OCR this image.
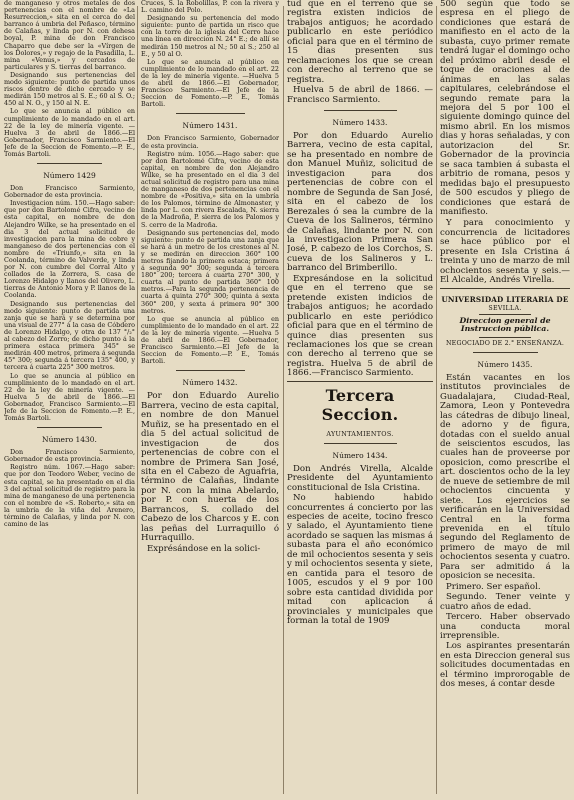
de manganeso y otros metales de dos pertenencias con el nombre de «La Resurreccion,» sita en el cerca do del barranco á umbria del Peñasco, término de Calañas, y linda por N. con dehesa boyal, P. mina de don Francisco Chaparro que debe ser la «Vírgen de los Dolores,» y regajo de la Pasadilla, L. mina «Venus,» y cercados de particulares y S. tierras del barranco.

Designando sus pertenencias del modo siguiente: punto de partida unos riscos dentro de dicho cercado y se medirán 150 metros al S. E.; 60 al S. O.; 450 al N. O., y 150 al N. E.

Lo que se anuncia al público en cumplimiento de lo mandado en el art. 22 de la ley de minería vigente. —Huelva 3 de abril de 1866.—El Gobernador, Francisco Sarmiento.—El Jefe de la Seccion de Fomento.—P. E., Tomás Bartoli.

Número 1429

Don Francisco Sarmiento, Gobernador de esta provincia.

Investigacion núm. 150.—Hago saber: que por don Bartolomé Cifra, vecino de esta capital, en nombre de don Alejandro Wilke, se ha presentado en el dia 3 del actual solicitud de investigacion para la mina de cobre y manganeso de dos pertenencias con el nombre de «Triunfo,» sita en la Coolanda, término de Valverde, y linda por N. con cumbre del Corral Alto y collados de la Zorrera, S. casa de Lorenzo Hidalgo y llanos del Olivero, L. tierras de Antonio Mora y P. llanos de la Coolanda.

Designando sus pertenencias del modo siguiente: punto de partida una zanja que se hará y se determina por una visual de 277° á la casa de Cóbdero de Lorenzo Hidalgo, y otra de 137 °/₂° al cabezo del Zorro; de dicho punto á la primera estaca primera 345° se medirán 400 metros, primera á segunda 45° 300; segunda á tercera 135° 400, y tercera á cuarta 225° 300 metros.

Lo que se anuncia al público en cumplimiento de lo mandado en el art. 22 de la ley de minería vigente. —Huelva 5 de abril de 1866.—El Gobernador, Francisco Sarmiento.—El Jefe de la Seccion de Fomento.—P. E., Tomás Bartoli.

Número 1430.

Don Francisco Sarmiento, Gobernador de esta provincia.

Registro núm. 1067.—Hago saber: que por don Teodoro Weber, vecino de esta capital, se ha presentado en el dia 3 del actual solicitud de registro para la mina de manganeso de una pertenencia con el nombre de «S. Roberto,» sita en la umbría de la viña del Arenero, término de Calañas, y linda por N. con camino de las

Cruces, S. la Robolillas, P. con la rivera y L. camino del Polo.

Designando su pertenencia del modo siguiente: punto de partida un risco que con la torre de la iglesia del Cerro hace una línea en direccion N. 24° E.; de allí se medirán 150 metros al N.; 50 al S.; 250 al E., y 50 al O.

Lo que se anuncia al público en cumplimiento de lo mandado en el art. 22 de la ley de minería vigente. —Huelva 5 de abril de 1866.—El Gobernador, Francisco Sarmiento.—El Jefe de la Seccion de Fomento.—P. E., Tomás Bartoli.

Número 1431.

Don Francisco Sarmiento, Gobernador de esta provincia.

Registro núm. 1056.—Hago saber: que por don Bartolomé Cifra, vecino de esta capital, en nombre de don Alejandro Wilke, se ha presentado en el dia 3 del actual solicitud de registro para una mina de manganeso de dos pertenencias con el nombre de «Positiva,» sita en la umbría de los Palomos, término de Almonaster, y linda por L. con rivera Escalada, N. sierra de la Madroña, P. sierra de los Palomos y S. cerro de la Madroña.

Designando sus pertenencias del, modo siguiente: punto de partida una zanja que se hará á un metro de los crestones al N. y se medirán en direccion 360° 100 metros fijando la primera estaca; primera á segunda 90° 300; segunda á tercera 180° 200; tercera á cuarta 270° 300, y cuarta al punto de partida 360° 100 metros.—Para la segunda pertenencia de cuarta á quinta 270° 300; quinta á sexta 360° 200, y sexta á primera 90° 300 metros.

Lo que se anuncia al público en cumplimiento de lo mandado en el art. 22 de la ley de minería vigente. —Huelva 5 de abril de 1866.—El Gobernador, Francisco Sarmiento.—El Jefe de la Seccion de Fomento.—P. E., Tomás Bartoli.

Número 1432.

Por don Eduardo Aurelio Barrera, vecino de esta capital, en nombre de don Manuel Muñiz, se ha presentado en el dia 5 del actual solicitud de investigacion de dos pertenencias de cobre con el nombre de Primera San José, sita en el Cabezo de Aguafria, término de Calañas, lindante por N. con la mina Abelardo, por P. con huerta de los Barrancos, S. collado del Cabezo de los Charcos y E. con las peñas del Lurraquillo ó Hurraquillo.

Exprésándose en la solici-

tud que en el terreno que se registra existen indicios de trabajos antiguos; he acordado publicarlo en este periódico oficial para que en el término de 15 dias presenten sus reclamaciones los que se crean con derecho al terreno que se registra.

Huelva 5 de abril de 1866. —Francisco Sarmiento.

Número 1433.

Por don Eduardo Aurelio Barrera, vecino de esta capital, se ha presentado en nombre de don Manuel Muñiz, solicitud de investigacion para dos pertenencias de cobre con el nombre de Segunda de San José, sita en el cabezo de los Berezales ó sea la cumbre de la Cueva de los Salineros, término de Calañas, lindante por N. con la investigacion Primera San José, P. cabezo de los Corchos, S. cueva de los Salineros y L. barranco del Brimberillo.

Expresándose en la solicitud que en el terreno que se pretende existen indicios de trabajos antiguos; he acordado publicarlo en este periódico oficial para que en el término de quince dias presenten sus reclamaciones los que se crean con derecho al terreno que se registra. Huelva 5 de abril de 1866.—Francisco Sarmiento.

Tercera Seccion.
AYUNTAMIENTOS.
Número 1434.

Don Andrés Virella, Alcalde Presidente del Ayuntamiento constitucional de Isla Cristina.

No habiendo habido concurrentes á concierto por las especies de aceite, tocino fresco y salado, el Ayuntamiento tiene acordado se saquen las mismas á subasta para el año económico de mil ochocientos sesenta y seis y mil ochocientos sesenta y siete, en cantida para el tesoro de 1005, escudos y el 9 por 100 sobre esta cantidad dividida por mitad con aplicacion á provinciales y municipales que forman la total de 1909

500 según que todo se espresa en el pliego de condiciones que estará de manifiesto en el acto de la subasta, cuyo primer remate tendrá lugar el domingo ocho del próximo abril desde el toque de oraciones al de ánimas en las salas capitulares, celebrándose el segundo remate para la mejora del 5 por 100 el siguiente domingo quince del mismo abril. En los mismos dias y horas señaladas, y con autorizacion del Sr. Gobernador de la provincia se saca tambien á subasta el arbitrio de romana, pesos y medidas bajo el presupuesto de 500 escudos y pliego de condiciones que estará de manifiesto.

Y para conocimiento y concurrencia de licitadores se hace público por el presente en Isla Cristina á treinta y uno de marzo de mil ochocientos sesenta y seis.—El Alcalde, Andrés Virella.

UNIVERSIDAD LITERARIA DE
SEVILLA.
Direccion general de Instruccion pública.
NEGOCIADO DE 2.° ENSEÑANZA.
Número 1435.

Están vacantes en los institutos provinciales de Guadalajara, Ciudad-Real, Zamora, Leon y Pontevedra las cátedras de dibujo lineal, de adorno y de figura, dotadas con el sueldo anual de seiscientos escudos, las cuales han de proveerse por oposicion, como prescribe el art. doscientos ocho de la ley de nueve de setiembre de mil ochocientos cincuenta y siete. Los ejercicios se verificarán en la Universidad Central en la forma prevenida en el título segundo del Reglamento de primero de mayo de mil ochocientos sesenta y cuatro. Para ser admitido á la oposicion se necesita.

Primero. Ser español.

Segundo. Tener veinte y cuatro años de edad.

Tercero. Haber observado una conducta moral irreprensible.

Los aspirantes presentarán en esta Direccion general sus solicitudes documentadas en el término improrogable de dos meses, á contar desde
